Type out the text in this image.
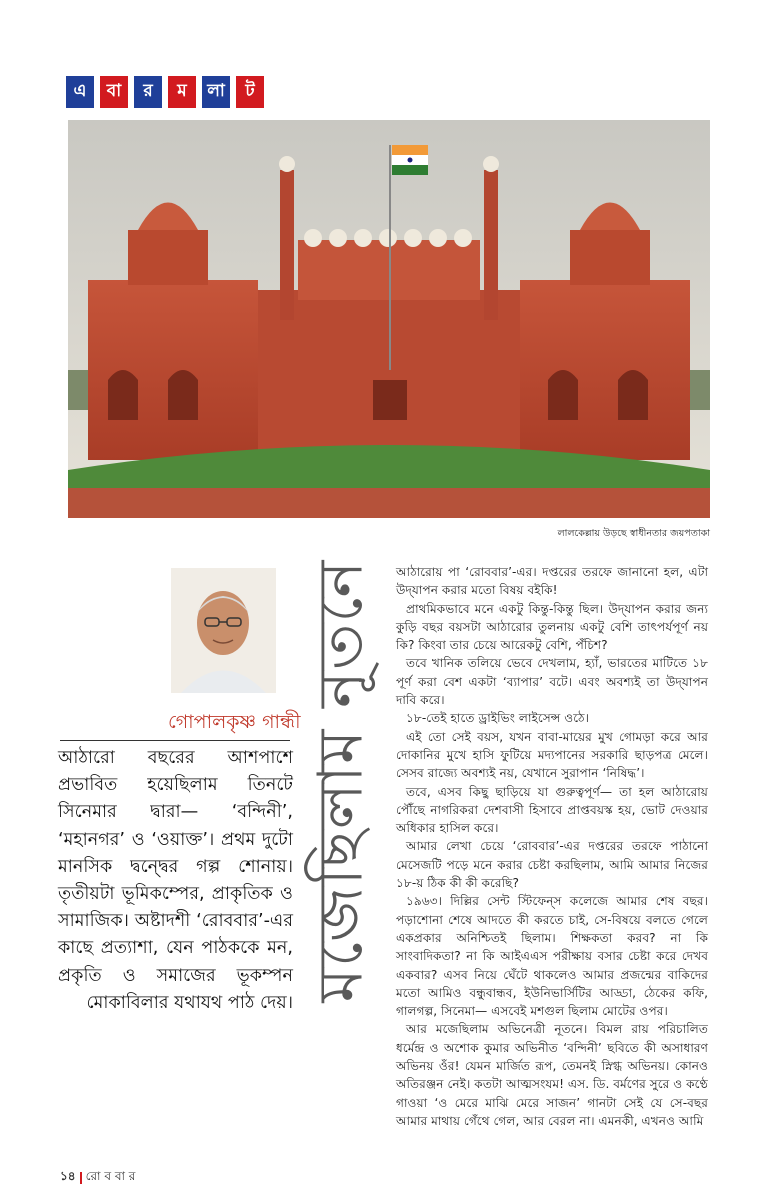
এ	বা	র	ম	লা	ট
লালকেল্লায় উড়ছে স্বাধীনতার জয়পতাকা
গোপালকৃষ্ণ গান্ধী
আঠারো বছরের আশপাশে প্রভাবিত হয়েছিলাম তিনটে সিনেমার দ্বারা— ‘বন্দিনী’, ‘মহানগর’ ও ‘ওয়াক্ত’। প্রথম দুটো মানসিক দ্বন্দ্বের গল্প শোনায়। তৃতীয়টা ভূমিকম্পের, প্রাকৃতিক ও সামাজিক। অষ্টাদশী ‘রোববার’-এর কাছে প্রত্যাশা, যেন পাঠককে মন, প্রকৃতি ও সমাজের ভূকম্পন মোকাবিলার যথাযথ পাঠ দেয়।
মজেছিলাম নূতনে	আঠারোয় পা ‘রোববার’-এর। দপ্তরের তরফে জানানো হল, এটা উদ্‌যাপন করার মতো বিষয় বইকি!

প্রাথমিকভাবে মনে একটু কিন্তু-কিন্তু ছিল। উদ্‌যাপন করার জন্য কুড়ি বছর বয়সটা আঠারোর তুলনায় একটু বেশি তাৎপর্যপূর্ণ নয় কি? কিংবা তার চেয়ে আরেকটু বেশি, পঁচিশ?

তবে খানিক তলিয়ে ভেবে দেখলাম, হ্যাঁ, ভারতের মাটিতে ১৮ পূর্ণ করা বেশ একটা ‘ব্যাপার’ বটে। এবং অবশ্যই তা উদ্‌যাপন দাবি করে।

১৮-তেই হাতে ড্রাইভিং লাইসেন্স ওঠে।

এই তো সেই বয়স, যখন বাবা-মায়ের মুখ গোমড়া করে আর দোকানির মুখে হাসি ফুটিয়ে মদ্যপানের সরকারি ছাড়পত্র মেলে। সেসব রাজ্যে অবশ্যই নয়, যেখানে সুরাপান ‘নিষিদ্ধ’।

তবে, এসব কিছু ছাড়িয়ে যা গুরুত্বপূর্ণ— তা হল আঠারোয় পৌঁছে নাগরিকরা দেশবাসী হিসাবে প্রাপ্তবয়স্ক হয়, ভোট দেওয়ার অধিকার হাসিল করে।

আমার লেখা চেয়ে ‘রোববার’-এর দপ্তরের তরফে পাঠানো মেসেজটি পড়ে মনে করার চেষ্টা করছিলাম, আমি আমার নিজের ১৮-য় ঠিক কী কী করেছি?

১৯৬৩। দিল্লির সেন্ট স্টিফেন্‌স কলেজে আমার শেষ বছর। পড়াশোনা শেষে আদতে কী করতে চাই, সে-বিষয়ে বলতে গেলে একপ্রকার অনিশ্চিতই ছিলাম। শিক্ষকতা করব? না কি সাংবাদিকতা? না কি আইএএস পরীক্ষায় বসার চেষ্টা করে দেখব একবার? এসব নিয়ে ঘেঁটে থাকলেও আমার প্রজন্মের বাকিদের মতো আমিও বন্ধুবান্ধব, ইউনিভার্সিটির আড্ডা, ঠেকের কফি, গালগল্প, সিনেমা— এসবেই মশগুল ছিলাম মোটের ওপর।

আর মজেছিলাম অভিনেত্রী নূতনে। বিমল রায় পরিচালিত ধর্মেন্দ্র ও অশোক কুমার অভিনীত ‘বন্দিনী’ ছবিতে কী অসাধারণ অভিনয় ওঁর! যেমন মার্জিত রূপ, তেমনই স্নিগ্ধ অভিনয়। কোনও অতিরঞ্জন নেই। কতটা আত্মসংযম! এস. ডি. বর্মণের সুরে ও কণ্ঠে গাওয়া ‘ও মেরে মাঝি মেরে সাজন’ গানটা সেই যে সে-বছর আমার মাথায় গেঁথে গেল, আর বেরল না। এমনকী, এখনও আমি

১৪ রো ব বা র
